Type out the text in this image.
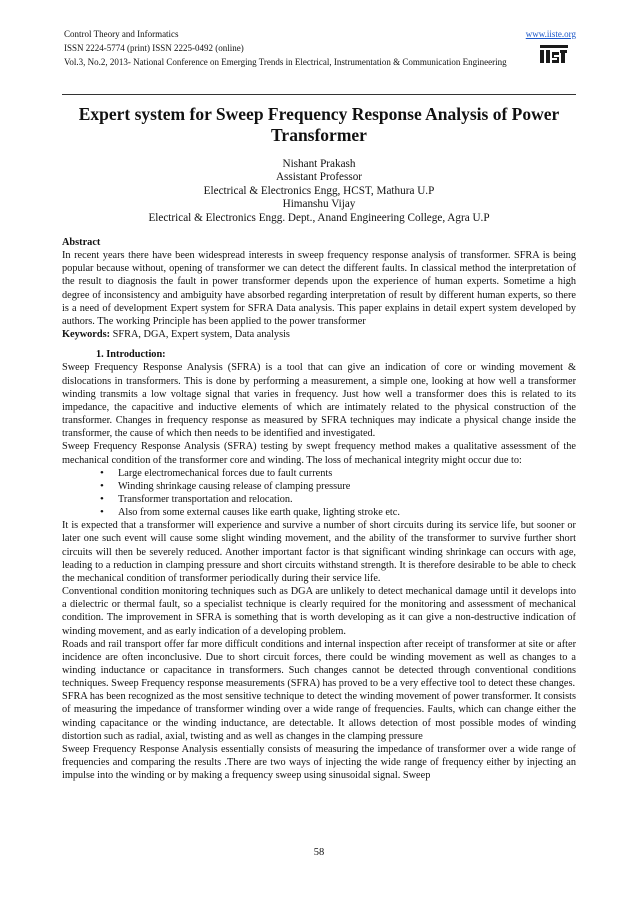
Control Theory and Informatics
ISSN 2224-5774 (print) ISSN 2225-0492 (online)
Vol.3, No.2, 2013- National Conference on Emerging Trends in Electrical, Instrumentation & Communication Engineering
www.iiste.org
Expert system for Sweep Frequency Response Analysis of Power Transformer
Nishant Prakash
Assistant Professor
Electrical & Electronics Engg, HCST, Mathura U.P
Himanshu Vijay
Electrical & Electronics Engg. Dept., Anand Engineering College, Agra U.P
Abstract
In recent years there have been widespread interests in sweep frequency response analysis of transformer. SFRA is being popular because without, opening of transformer we can detect the different faults. In classical method the interpretation of the result to diagnosis the fault in power transformer depends upon the experience of human experts. Sometime a high degree of inconsistency and ambiguity have absorbed regarding interpretation of result by different human experts, so there is a need of development Expert system for SFRA Data analysis. This paper explains in detail expert system developed by authors. The working Principle has been applied to the power transformer
Keywords: SFRA, DGA, Expert system, Data analysis
1. Introduction:
Sweep Frequency Response Analysis (SFRA) is a tool that can give an indication of core or winding movement & dislocations in transformers. This is done by performing a measurement, a simple one, looking at how well a transformer winding transmits a low voltage signal that varies in frequency. Just how well a transformer does this is related to its impedance, the capacitive and inductive elements of which are intimately related to the physical construction of the transformer. Changes in frequency response as measured by SFRA techniques may indicate a physical change inside the transformer, the cause of which then needs to be identified and investigated.
Sweep Frequency Response Analysis (SFRA) testing by swept frequency method makes a qualitative assessment of the mechanical condition of the transformer core and winding. The loss of mechanical integrity might occur due to:
• Large electromechanical forces due to fault currents
• Winding shrinkage causing release of clamping pressure
• Transformer transportation and relocation.
• Also from some external causes like earth quake, lighting stroke etc.
It is expected that a transformer will experience and survive a number of short circuits during its service life, but sooner or later one such event will cause some slight winding movement, and the ability of the transformer to survive further short circuits will then be severely reduced. Another important factor is that significant winding shrinkage can occurs with age, leading to a reduction in clamping pressure and short circuits withstand strength. It is therefore desirable to be able to check the mechanical condition of transformer periodically during their service life.
Conventional condition monitoring techniques such as DGA are unlikely to detect mechanical damage until it develops into a dielectric or thermal fault, so a specialist technique is clearly required for the monitoring and assessment of mechanical condition. The improvement in SFRA is something that is worth developing as it can give a non-destructive indication of winding movement, and as early indication of a developing problem.
Roads and rail transport offer far more difficult conditions and internal inspection after receipt of transformer at site or after incidence are often inconclusive. Due to short circuit forces, there could be winding movement as well as changes to a winding inductance or capacitance in transformers. Such changes cannot be detected through conventional conditions techniques. Sweep Frequency response measurements (SFRA) has proved to be a very effective tool to detect these changes.
SFRA has been recognized as the most sensitive technique to detect the winding movement of power transformer. It consists of measuring the impedance of transformer winding over a wide range of frequencies. Faults, which can change either the winding capacitance or the winding inductance, are detectable. It allows detection of most possible modes of winding distortion such as radial, axial, twisting and as well as changes in the clamping pressure
Sweep Frequency Response Analysis essentially consists of measuring the impedance of transformer over a wide range of frequencies and comparing the results .There are two ways of injecting the wide range of frequency either by injecting an impulse into the winding or by making a frequency sweep using sinusoidal signal. Sweep
58
